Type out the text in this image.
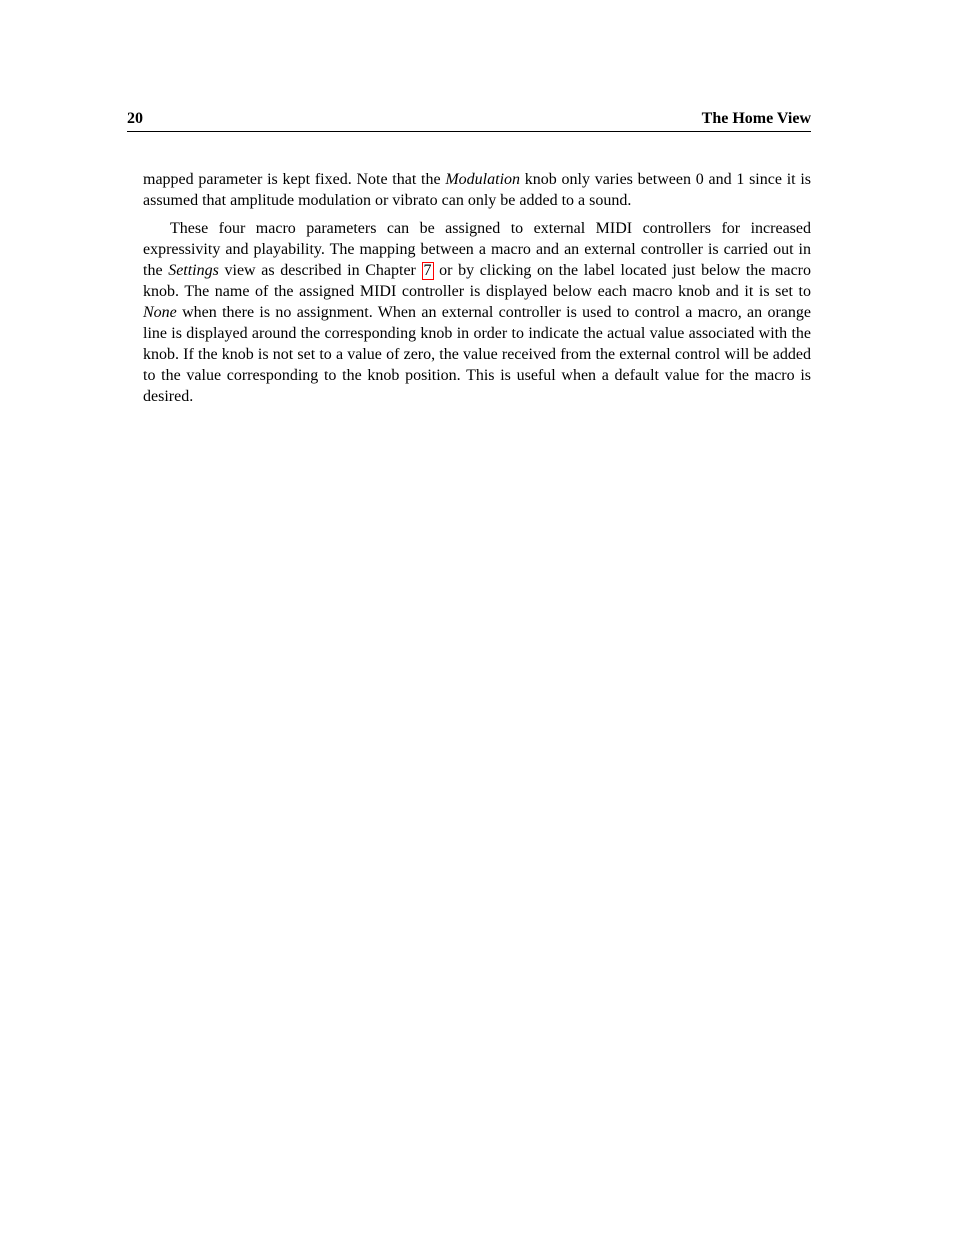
20	The Home View

mapped parameter is kept fixed. Note that the Modulation knob only varies between 0 and 1 since it is assumed that amplitude modulation or vibrato can only be added to a sound.

These four macro parameters can be assigned to external MIDI controllers for increased expressivity and playability. The mapping between a macro and an external controller is carried out in the Settings view as described in Chapter 7 or by clicking on the label located just below the macro knob. The name of the assigned MIDI controller is displayed below each macro knob and it is set to None when there is no assignment. When an external controller is used to control a macro, an orange line is displayed around the corresponding knob in order to indicate the actual value associated with the knob. If the knob is not set to a value of zero, the value received from the external control will be added to the value corresponding to the knob position. This is useful when a default value for the macro is desired.
